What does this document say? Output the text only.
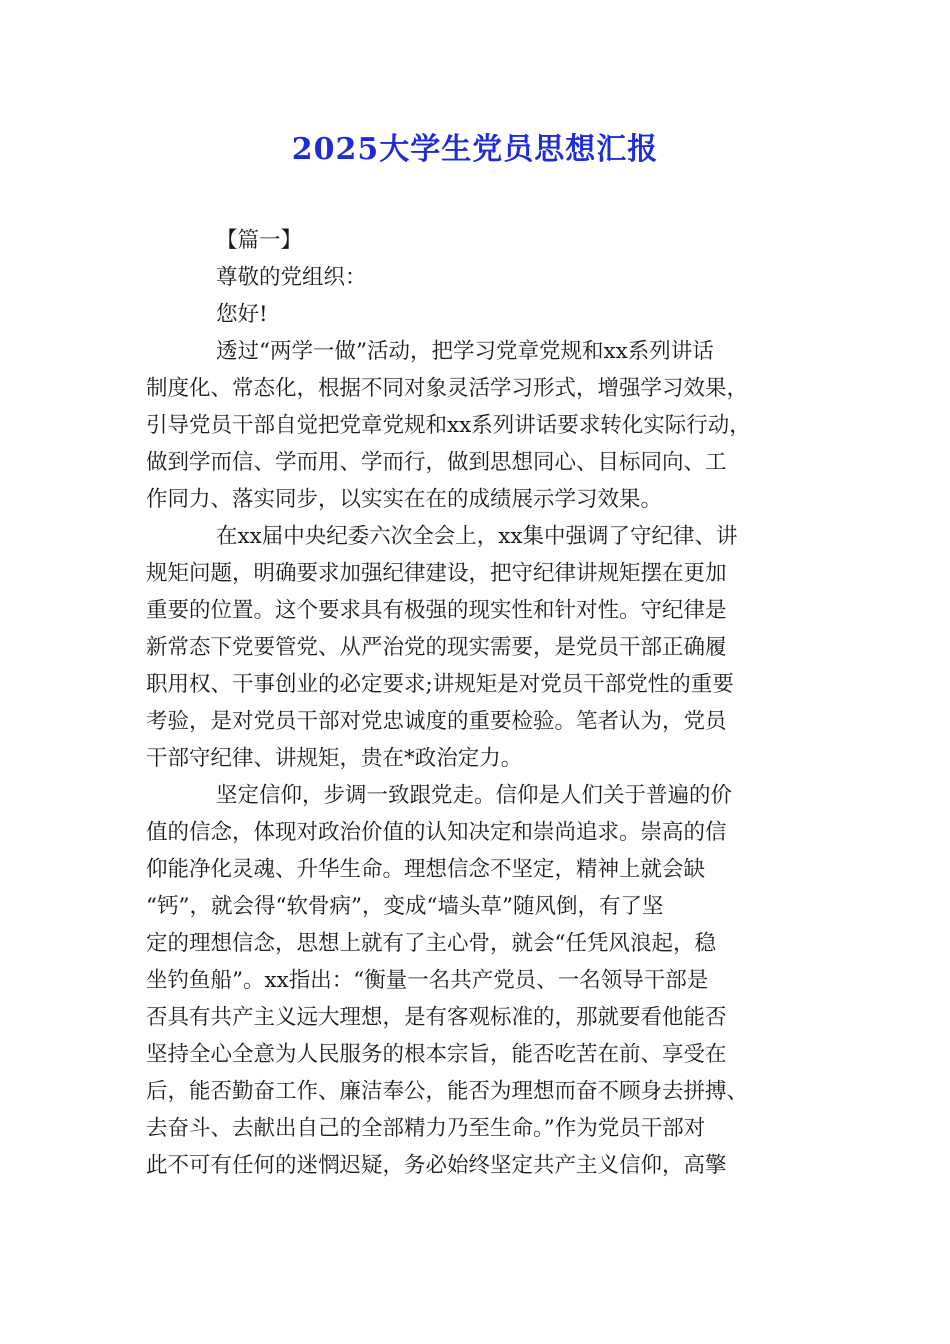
2025大学生党员思想汇报
【篇一】
尊敬的党组织：
您好!
透过“两学一做”活动，把学习党章党规和xx系列讲话
制度化、常态化，根据不同对象灵活学习形式，增强学习效果，
引导党员干部自觉把党章党规和xx系列讲话要求转化实际行动，
做到学而信、学而用、学而行，做到思想同心、目标同向、工
作同力、落实同步，以实实在在的成绩展示学习效果。
在xx届中央纪委六次全会上，xx集中强调了守纪律、讲
规矩问题，明确要求加强纪律建设，把守纪律讲规矩摆在更加
重要的位置。这个要求具有极强的现实性和针对性。守纪律是
新常态下党要管党、从严治党的现实需要，是党员干部正确履
职用权、干事创业的必定要求;讲规矩是对党员干部党性的重要
考验，是对党员干部对党忠诚度的重要检验。笔者认为，党员
干部守纪律、讲规矩，贵在*政治定力。
坚定信仰，步调一致跟党走。信仰是人们关于普遍的价
值的信念，体现对政治价值的认知决定和崇尚追求。崇高的信
仰能净化灵魂、升华生命。理想信念不坚定，精神上就会缺
“钙”，就会得“软骨病”，变成“墙头草”随风倒，有了坚
定的理想信念，思想上就有了主心骨，就会“任凭风浪起，稳
坐钓鱼船”。xx指出：“衡量一名共产党员、一名领导干部是
否具有共产主义远大理想，是有客观标准的，那就要看他能否
坚持全心全意为人民服务的根本宗旨，能否吃苦在前、享受在
后，能否勤奋工作、廉洁奉公，能否为理想而奋不顾身去拼搏、
去奋斗、去献出自己的全部精力乃至生命。”作为党员干部对
此不可有任何的迷惘迟疑，务必始终坚定共产主义信仰，高擎
